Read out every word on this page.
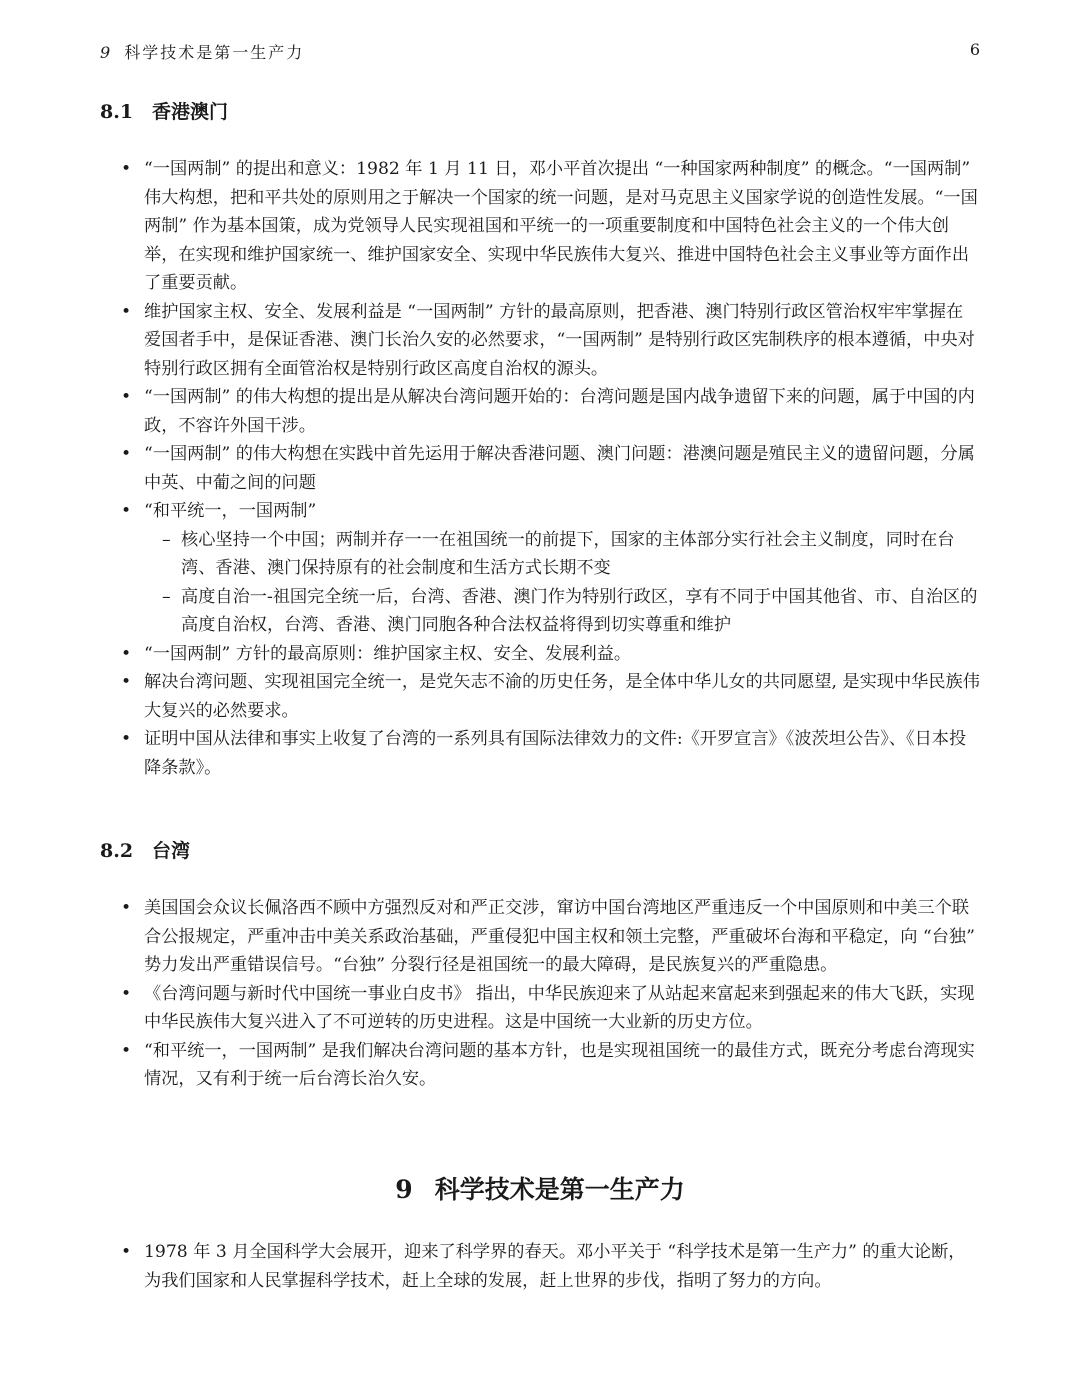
9 科学技术是第一生产力	6
8.1 香港澳门
• “一国两制” 的提出和意义：1982 年 1 月 11 日，邓小平首次提出 “一种国家两种制度” 的概念。“一国两制” 伟大构想，把和平共处的原则用之于解决一个国家的统一问题，是对马克思主义国家学说的创造性发展。“一国两制” 作为基本国策，成为党领导人民实现祖国和平统一的一项重要制度和中国特色社会主义的一个伟大创举，在实现和维护国家统一、维护国家安全、实现中华民族伟大复兴、推进中国特色社会主义事业等方面作出了重要贡献。
• 维护国家主权、安全、发展利益是 “一国两制” 方针的最高原则，把香港、澳门特别行政区管治权牢牢掌握在爱国者手中，是保证香港、澳门长治久安的必然要求，“一国两制” 是特别行政区宪制秩序的根本遵循，中央对特别行政区拥有全面管治权是特别行政区高度自治权的源头。
• “一国两制” 的伟大构想的提出是从解决台湾问题开始的：台湾问题是国内战争遗留下来的问题，属于中国的内政，不容许外国干涉。
• “一国两制” 的伟大构想在实践中首先运用于解决香港问题、澳门问题：港澳问题是殖民主义的遗留问题，分属中英、中葡之间的问题
• “和平统一，一国两制”
– 核心坚持一个中国；两制并存一一在祖国统一的前提下，国家的主体部分实行社会主义制度，同时在台湾、香港、澳门保持原有的社会制度和生活方式长期不变
– 高度自治一-祖国完全统一后，台湾、香港、澳门作为特别行政区，享有不同于中国其他省、市、自治区的高度自治权，台湾、香港、澳门同胞各种合法权益将得到切实尊重和维护
• “一国两制” 方针的最高原则：维护国家主权、安全、发展利益。
• 解决台湾问题、实现祖国完全统一，是党矢志不渝的历史任务，是全体中华儿女的共同愿望, 是实现中华民族伟大复兴的必然要求。
• 证明中国从法律和事实上收复了台湾的一系列具有国际法律效力的文件:《开罗宣言》《波茨坦公告》、《日本投降条款》。
8.2 台湾
• 美国国会众议长佩洛西不顾中方强烈反对和严正交涉，窜访中国台湾地区严重违反一个中国原则和中美三个联合公报规定，严重冲击中美关系政治基础，严重侵犯中国主权和领土完整，严重破坏台海和平稳定，向 “台独” 势力发出严重错误信号。“台独” 分裂行径是祖国统一的最大障碍，是民族复兴的严重隐患。
• 《台湾问题与新时代中国统一事业白皮书》 指出，中华民族迎来了从站起来富起来到强起来的伟大飞跃，实现中华民族伟大复兴进入了不可逆转的历史进程。这是中国统一大业新的历史方位。
• “和平统一，一国两制” 是我们解决台湾问题的基本方针，也是实现祖国统一的最佳方式，既充分考虑台湾现实情况，又有利于统一后台湾长治久安。
9 科学技术是第一生产力
• 1978 年 3 月全国科学大会展开，迎来了科学界的春天。邓小平关于 “科学技术是第一生产力” 的重大论断，为我们国家和人民掌握科学技术，赶上全球的发展，赶上世界的步伐，指明了努力的方向。
